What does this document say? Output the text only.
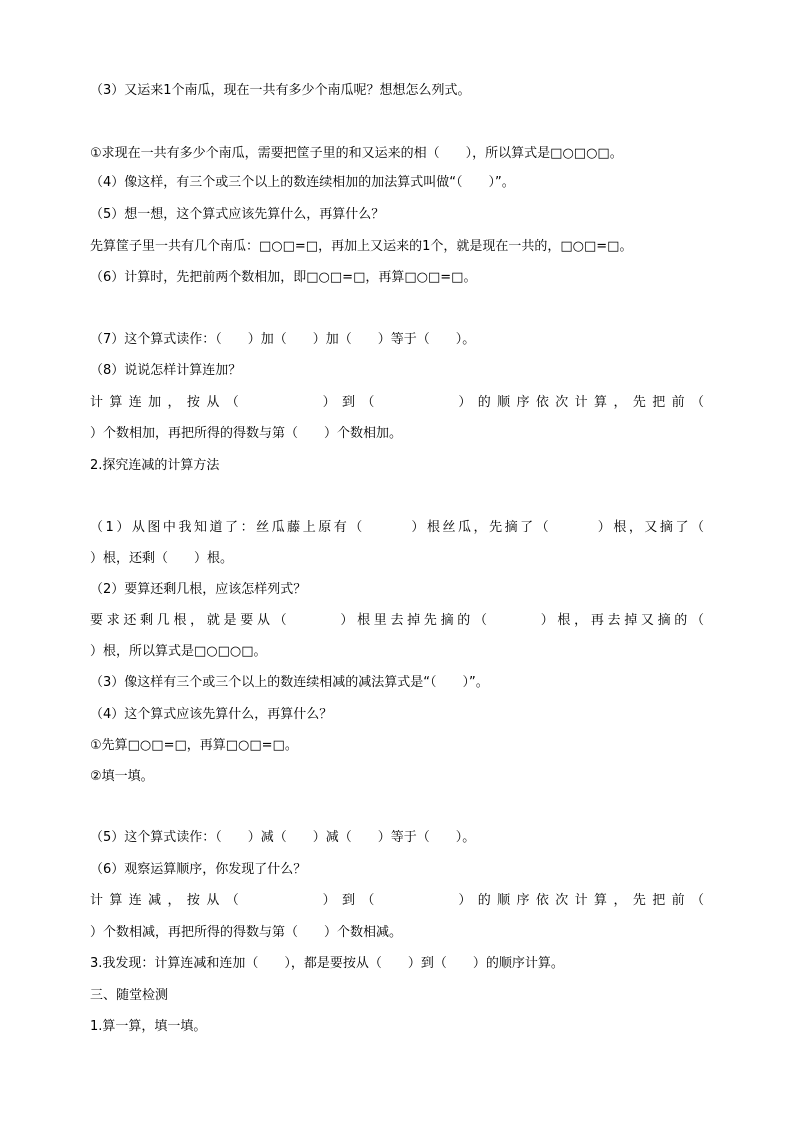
（3）又运来1个南瓜，现在一共有多少个南瓜呢？想想怎么列式。
①求现在一共有多少个南瓜，需要把筐子里的和又运来的相（　　），所以算式是□○□○□。
（4）像这样，有三个或三个以上的数连续相加的加法算式叫做“（　　）”。
（5）想一想，这个算式应该先算什么，再算什么？
先算筐子里一共有几个南瓜：□○□=□，再加上又运来的1个，就是现在一共的，□○□=□。
（6）计算时，先把前两个数相加，即□○□=□，再算□○□=□。
（7）这个算式读作：（　　）加（　　）加（　　）等于（　　）。
（8）说说怎样计算连加？
计算连加，按从（　　　　）到（　　　　）的顺序依次计算，先把前（
）个数相加，再把所得的得数与第（　　）个数相加。
2.探究连减的计算方法
（1）从图中我知道了：丝瓜藤上原有（　　　）根丝瓜，先摘了（　　　）根，又摘了（
）根，还剩（　　）根。
（2）要算还剩几根，应该怎样列式？
要求还剩几根，就是要从（　　　）根里去掉先摘的（　　　）根，再去掉又摘的（
）根，所以算式是□○□○□。
（3）像这样有三个或三个以上的数连续相减的减法算式是“（　　）”。
（4）这个算式应该先算什么，再算什么？
①先算□○□=□，再算□○□=□。
②填一填。
（5）这个算式读作：（　　）减（　　）减（　　）等于（　　）。
（6）观察运算顺序，你发现了什么？
计算连减，按从（　　　　）到（　　　　）的顺序依次计算，先把前（
）个数相减，再把所得的得数与第（　　）个数相减。
3.我发现：计算连减和连加（　　），都是要按从（　　）到（　　）的顺序计算。
三、随堂检测
1.算一算，填一填。
